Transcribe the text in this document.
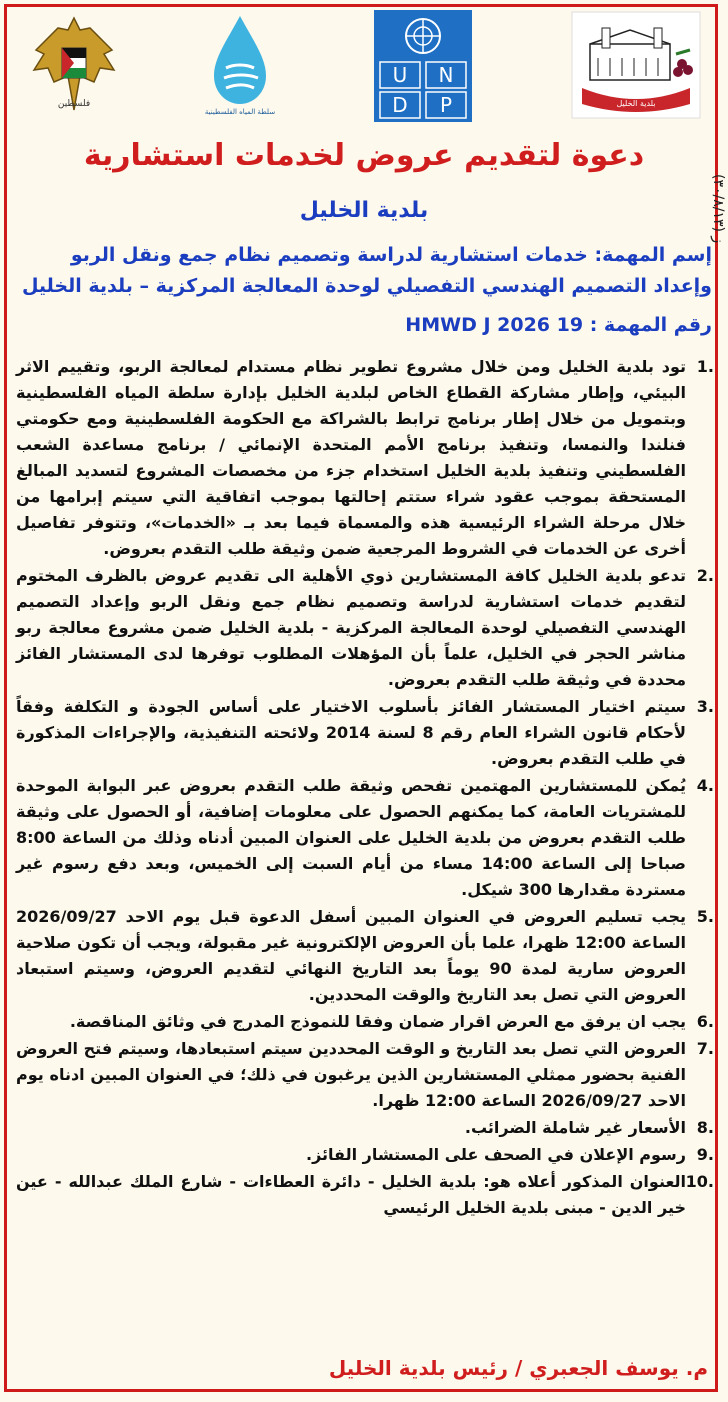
فلسطين
سلطة المياه الفلسطينية
U N
D P	بلدية الخليل
(٣٠/٨/١٣) ز
دعوة لتقديم عروض لخدمات استشارية
بلدية الخليل
إسم المهمة: خدمات استشارية لدراسة وتصميم نظام جمع ونقل الربو وإعداد التصميم الهندسي التفصيلي لوحدة المعالجة المركزية – بلدية الخليل
رقم المهمة : HMWD J 2026 19
.1
تود بلدية الخليل ومن خلال مشروع تطوير نظام مستدام لمعالجة الربو، وتقييم الاثر البيئي، وإطار مشاركة القطاع الخاص لبلدية الخليل بإدارة سلطة المياه الفلسطينية وبتمويل من خلال إطار برنامج ترابط بالشراكة مع الحكومة الفلسطينية ومع حكومتي فنلندا والنمسا، وتنفيذ برنامج الأمم المتحدة الإنمائي / برنامج مساعدة الشعب الفلسطيني وتنفيذ بلدية الخليل استخدام جزء من مخصصات المشروع لتسديد المبالغ المستحقة بموجب عقود شراء ستتم إحالتها بموجب اتفاقية التي سيتم إبرامها من خلال مرحلة الشراء الرئيسية هذه والمسماة فيما بعد بـ «الخدمات»، وتتوفر تفاصيل أخرى عن الخدمات في الشروط المرجعية ضمن وثيقة طلب التقدم بعروض.
.2
تدعو بلدية الخليل كافة المستشارين ذوي الأهلية الى تقديم عروض بالظرف المختوم لتقديم خدمات استشارية لدراسة وتصميم نظام جمع ونقل الربو وإعداد التصميم الهندسي التفصيلي لوحدة المعالجة المركزية - بلدية الخليل ضمن مشروع معالجة ربو مناشر الحجر في الخليل، علماً بأن المؤهلات المطلوب توفرها لدى المستشار الفائز محددة في وثيقة طلب التقدم بعروض.
.3
سيتم اختيار المستشار الفائز بأسلوب الاختيار على أساس الجودة و التكلفة وفقاً لأحكام قانون الشراء العام رقم 8 لسنة 2014 ولائحته التنفيذية، والإجراءات المذكورة في طلب التقدم بعروض.
.4
يُمكن للمستشارين المهتمين تفحص وثيقة طلب التقدم بعروض عبر البوابة الموحدة للمشتريات العامة، كما يمكنهم الحصول على معلومات إضافية، أو الحصول على وثيقة طلب التقدم بعروض من بلدية الخليل على العنوان المبين أدناه وذلك من الساعة 8:00 صباحا إلى الساعة 14:00 مساء من أيام السبت إلى الخميس، وبعد دفع رسوم غير مستردة مقدارها 300 شيكل.
.5
يجب تسليم العروض في العنوان المبين أسفل الدعوة قبل يوم الاحد 2026/09/27 الساعة 12:00 ظهرا، علما بأن العروض الإلكترونية غير مقبولة، ويجب أن تكون صلاحية العروض سارية لمدة 90 يوماً بعد التاريخ النهائي لتقديم العروض، وسيتم استبعاد العروض التي تصل بعد التاريخ والوقت المحددين.
.6
يجب ان يرفق مع العرض اقرار ضمان وفقا للنموذج المدرج في وثائق المناقصة.
.7
العروض التي تصل بعد التاريخ و الوقت المحددين سيتم استبعادها، وسيتم فتح العروض الفنية بحضور ممثلي المستشارين الذين يرغبون في ذلك؛ في العنوان المبين ادناه يوم الاحد 2026/09/27 الساعة 12:00 ظهرا.
.8
الأسعار غير شاملة الضرائب.
.9
رسوم الإعلان في الصحف على المستشار الفائز.
.10
العنوان المذكور أعلاه هو: بلدية الخليل - دائرة العطاءات - شارع الملك عبدالله - عين خير الدين - مبنى بلدية الخليل الرئيسي
م. يوسف الجعبري / رئيس بلدية الخليل
